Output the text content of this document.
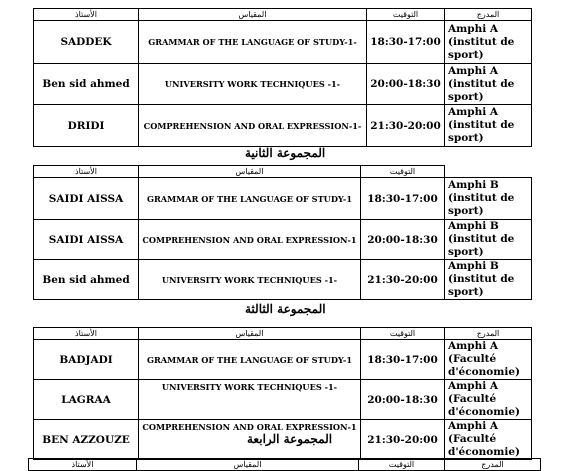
الأستاذ	المقياس	التوقيت	المدرج
SADDEK	GRAMMAR OF THE LANGUAGE OF STUDY-1-	18:30-17:00	Amphi A (institut de sport)
Ben sid ahmed	UNIVERSITY WORK TECHNIQUES -1-	20:00-18:30	Amphi A (institut de sport)
DRIDI	COMPREHENSION AND ORAL EXPRESSION-1-	21:30-20:00	Amphi A (institut de sport)
المجموعة الثانية
الأستاذ	المقياس	التوقيت	
SAIDI AISSA	GRAMMAR OF THE LANGUAGE OF STUDY-1	18:30-17:00	Amphi B (institut de sport)
SAIDI AISSA	COMPREHENSION AND ORAL EXPRESSION-1	20:00-18:30	Amphi B (institut de sport)
Ben sid ahmed	UNIVERSITY WORK TECHNIQUES -1-	21:30-20:00	Amphi B (institut de sport)
المجموعة الثالثة
الأستاذ	المقياس	التوقيت	المدرج
BADJADI	GRAMMAR OF THE LANGUAGE OF STUDY-1	18:30-17:00	Amphi A (Faculté d'économie)
LAGRAA	UNIVERSITY WORK TECHNIQUES -1-	20:00-18:30	Amphi A (Faculté d'économie)
BEN AZZOUZE	COMPREHENSION AND ORAL EXPRESSION-1	21:30-20:00	Amphi A (Faculté d'économie)
المجموعة الرابعة
الأستاذ	المقياس	التوقيت	المدرج
